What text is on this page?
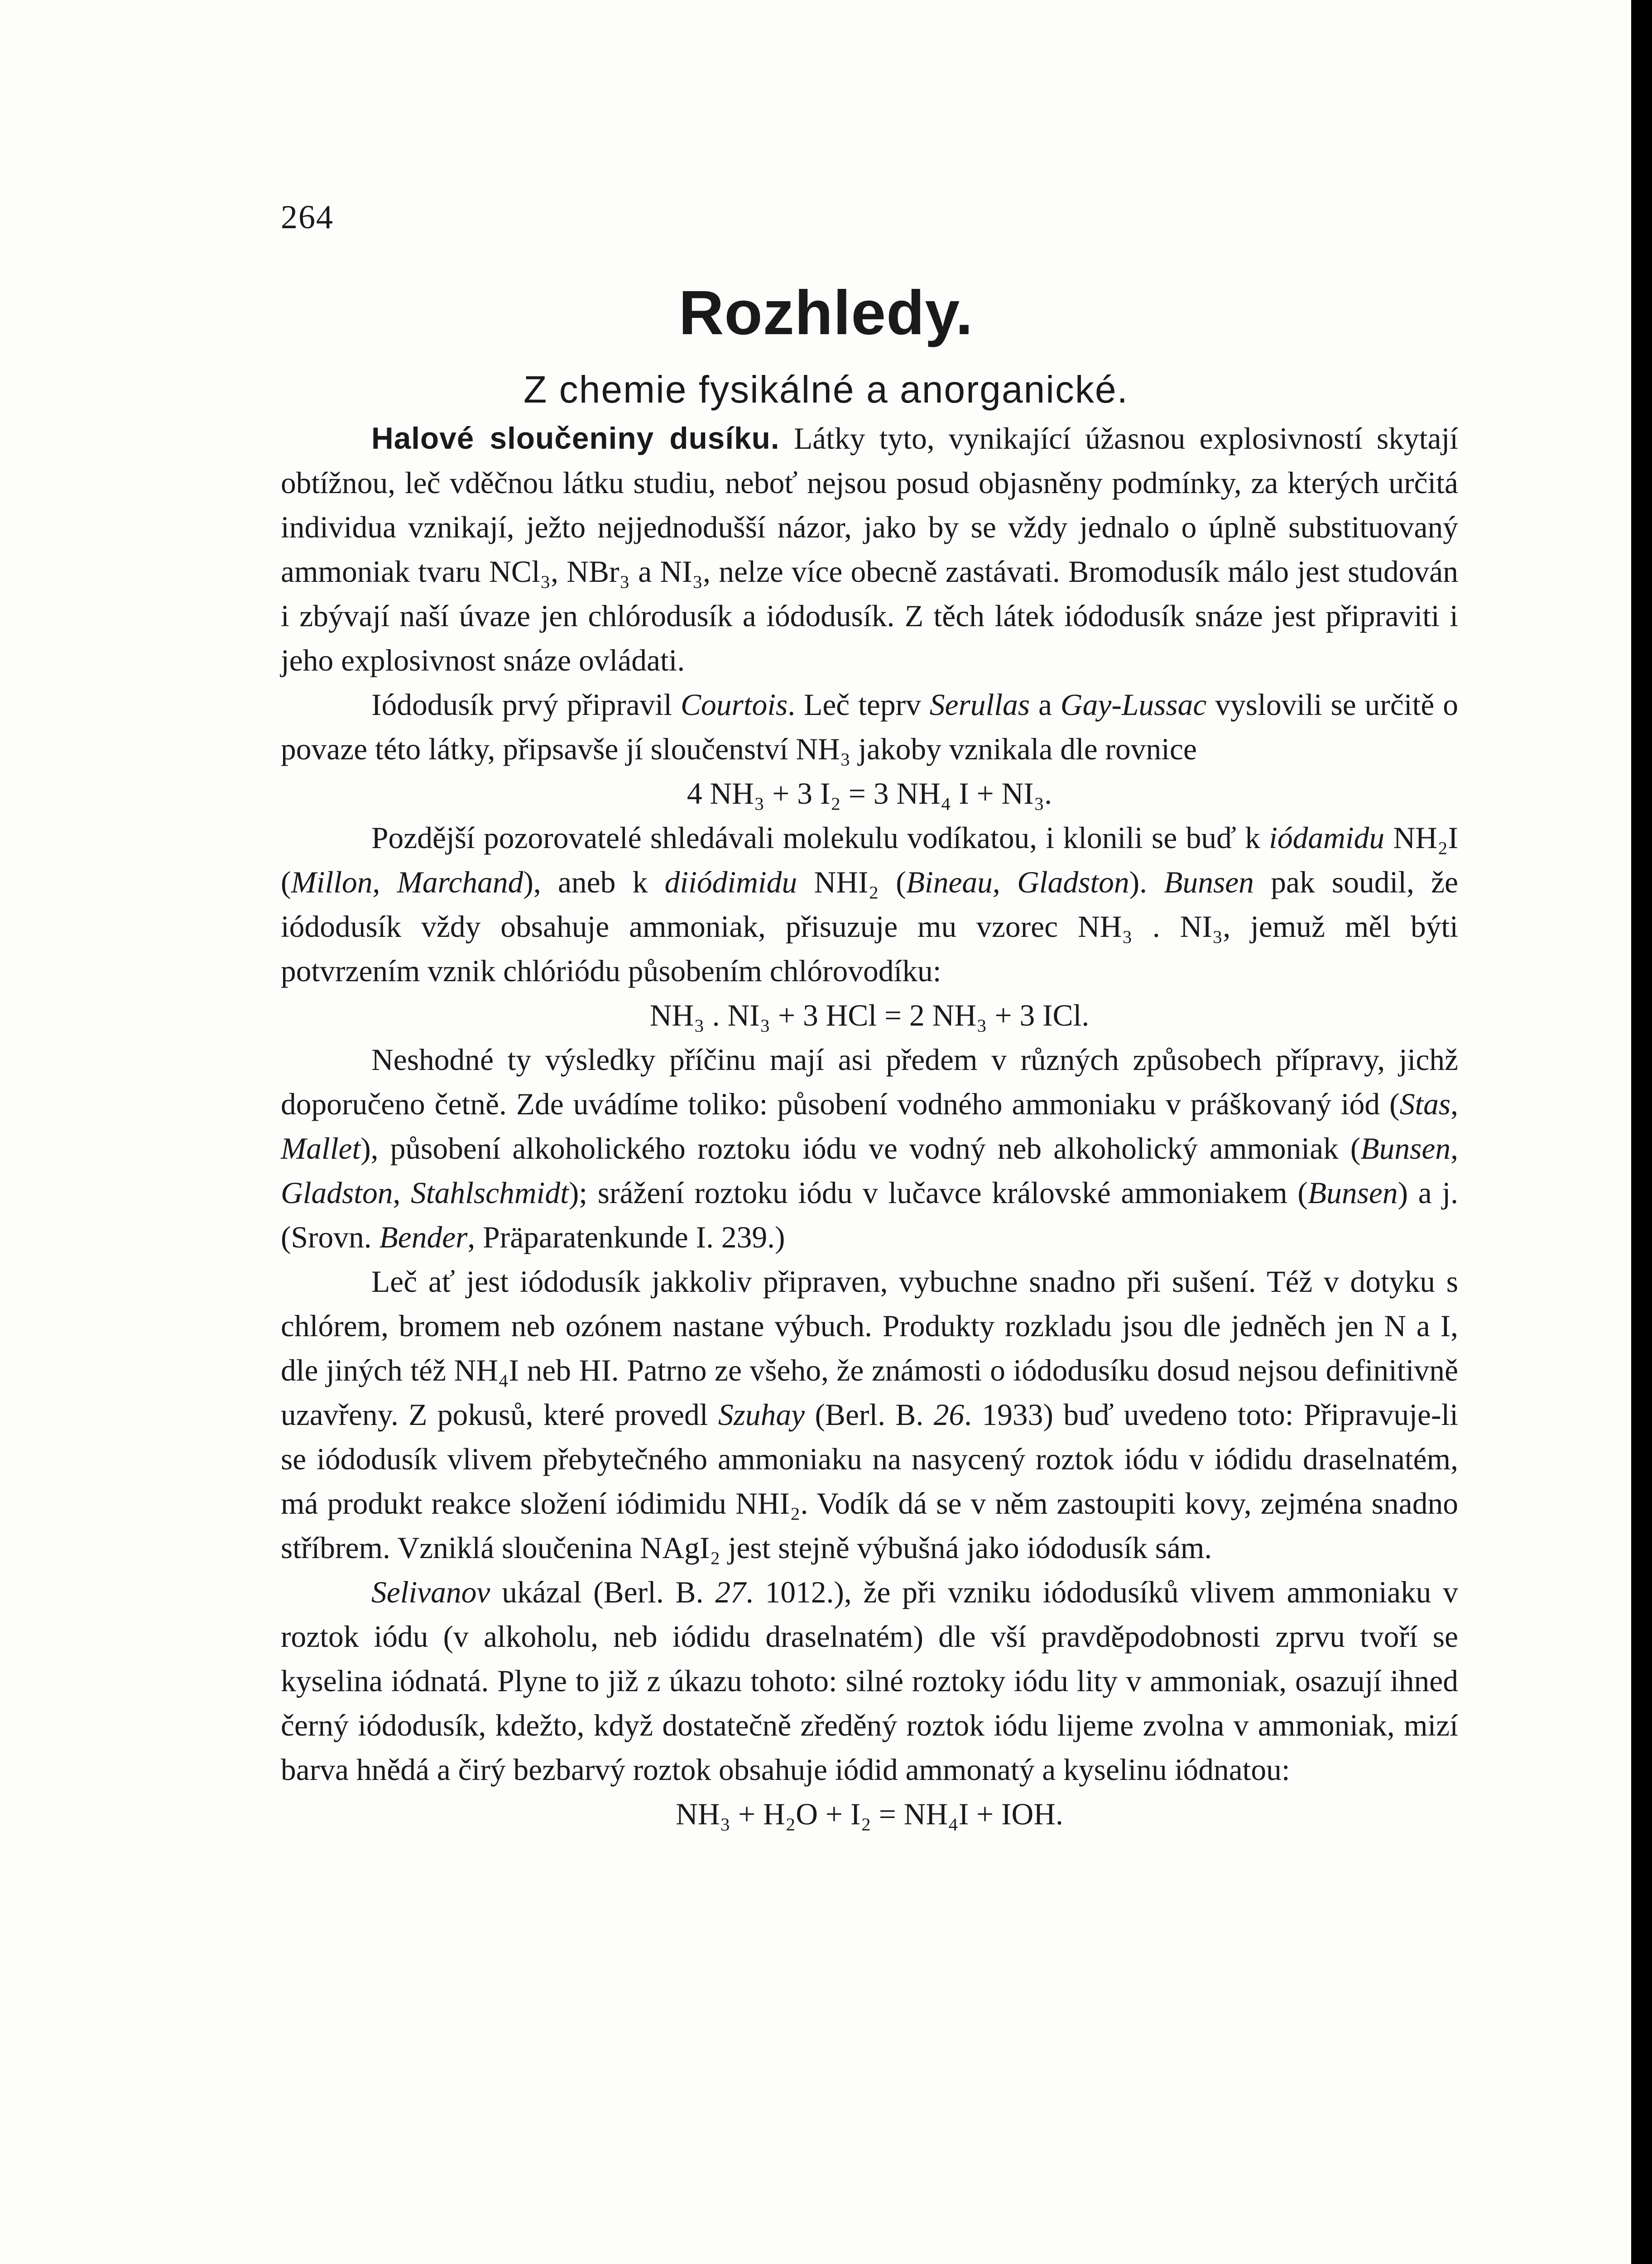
264
Rozhledy.
Z chemie fysikálné a anorganické.

Halové sloučeniny dusíku. Látky tyto, vynikající úžasnou explosivností skytají obtížnou, leč vděčnou látku studiu, neboť nejsou posud objasněny podmínky, za kterých určitá individua vznikají, ježto nejjednodušší názor, jako by se vždy jednalo o úplně substituovaný ammoniak tvaru NCl₃, NBr₃ a NI₃, nelze více obecně zastávati. Bromodusík málo jest studován i zbývají naší úvaze jen chlórodusík a iódodusík. Z těch látek iódodusík snáze jest připraviti i jeho explosivnost snáze ovládati.

Iódodusík prvý připravil Courtois. Leč teprv Serullas a Gay-Lussac vyslovili se určitě o povaze této látky, připsavše jí sloučenství NH₃ jakoby vznikala dle rovnice

4 NH₃ + 3 I₂ = 3 NH₄ I + NI₃.

Pozdější pozorovatelé shledávali molekulu vodíkatou, i klonili se buď k iódamidu NH₂I (Millon, Marchand), aneb k diiódimidu NHI₂ (Bineau, Gladston). Bunsen pak soudil, že iódodusík vždy obsahuje ammoniak, přisuzuje mu vzorec NH₃ . NI₃, jemuž měl býti potvrzením vznik chlóriódu působením chlórovodíku:

NH₃ . NI₃ + 3 HCl = 2 NH₃ + 3 ICl.

Neshodné ty výsledky příčinu mají asi předem v různých způsobech přípravy, jichž doporučeno četně. Zde uvádíme toliko: působení vodného ammoniaku v práškovaný iód (Stas, Mallet), působení alkoholického roztoku iódu ve vodný neb alkoholický ammoniak (Bunsen, Gladston, Stahlschmidt); srážení roztoku iódu v lučavce královské ammoniakem (Bunsen) a j. (Srovn. Bender, Präparatenkunde I. 239.)

Leč ať jest iódodusík jakkoliv připraven, vybuchne snadno při sušení. Též v dotyku s chlórem, bromem neb ozónem nastane výbuch. Produkty rozkladu jsou dle jedněch jen N a I, dle jiných též NH₄I neb HI. Patrno ze všeho, že známosti o iódodusíku dosud nejsou definitivně uzavřeny. Z pokusů, které provedl Szuhay (Berl. B. 26. 1933) buď uvedeno toto: Připravuje-li se iódodusík vlivem přebytečného ammoniaku na nasycený roztok iódu v iódidu draselnatém, má produkt reakce složení iódimidu NHI₂. Vodík dá se v něm zastoupiti kovy, zejména snadno stříbrem. Vzniklá sloučenina NAgI₂ jest stejně výbušná jako iódodusík sám.

Selivanov ukázal (Berl. B. 27. 1012.), že při vzniku iódodusíků vlivem ammoniaku v roztok iódu (v alkoholu, neb iódidu draselnatém) dle vší pravděpodobnosti zprvu tvoří se kyselina iódnatá. Plyne to již z úkazu tohoto: silné roztoky iódu lity v ammoniak, osazují ihned černý iódodusík, kdežto, když dostatečně zředěný roztok iódu lijeme zvolna v ammoniak, mizí barva hnědá a čirý bezbarvý roztok obsahuje iódid ammonatý a kyselinu iódnatou:

NH₃ + H₂O + I₂ = NH₄I + IOH.
